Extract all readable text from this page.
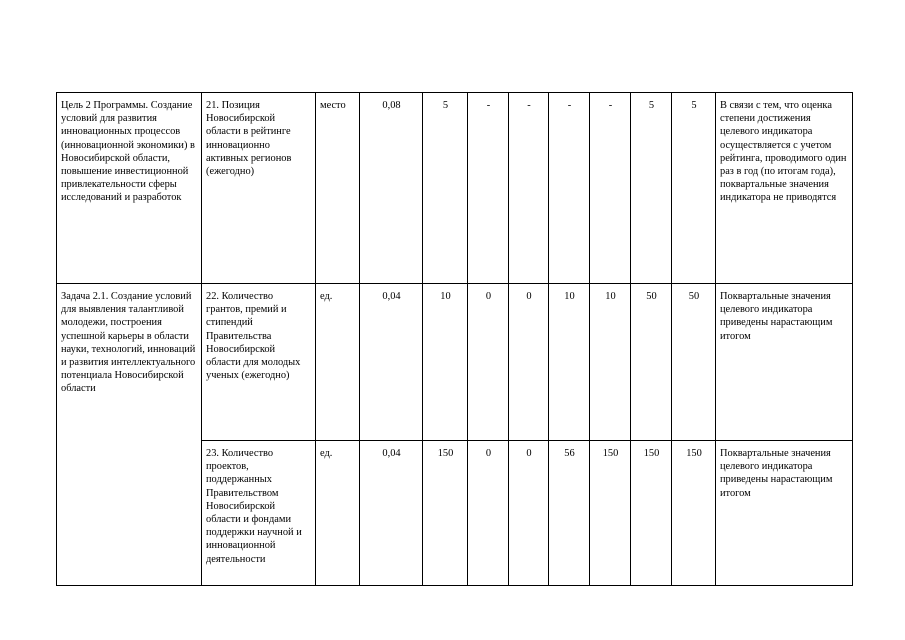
Цель 2 Программы. Создание условий для развития инновационных процессов (инновационной экономики) в Новосибирской области, повышение инвестиционной привлекательности сферы исследований и разработок	21. Позиция Новосибирской области в рейтинге инновационно активных регионов (ежегодно)	место	0,08	5	-	-	-	-	5	5	В связи с тем, что оценка степени достижения целевого индикатора осуществляется с учетом рейтинга, проводимого один раз в год (по итогам года), поквартальные значения индикатора не приводятся
Задача 2.1. Создание условий для выявления талантливой молодежи, построения успешной карьеры в области науки, технологий, инноваций и развития интеллектуального потенциала Новосибирской области	22. Количество грантов, премий и стипендий Правительства Новосибирской области для молодых ученых (ежегодно)	ед.	0,04	10	0	0	10	10	50	50	Поквартальные значения целевого индикатора приведены нарастающим итогом
	23. Количество проектов, поддержанных Правительством Новосибирской области и фондами поддержки научной и инновационной деятельности	ед.	0,04	150	0	0	56	150	150	150	Поквартальные значения целевого индикатора приведены нарастающим итогом
